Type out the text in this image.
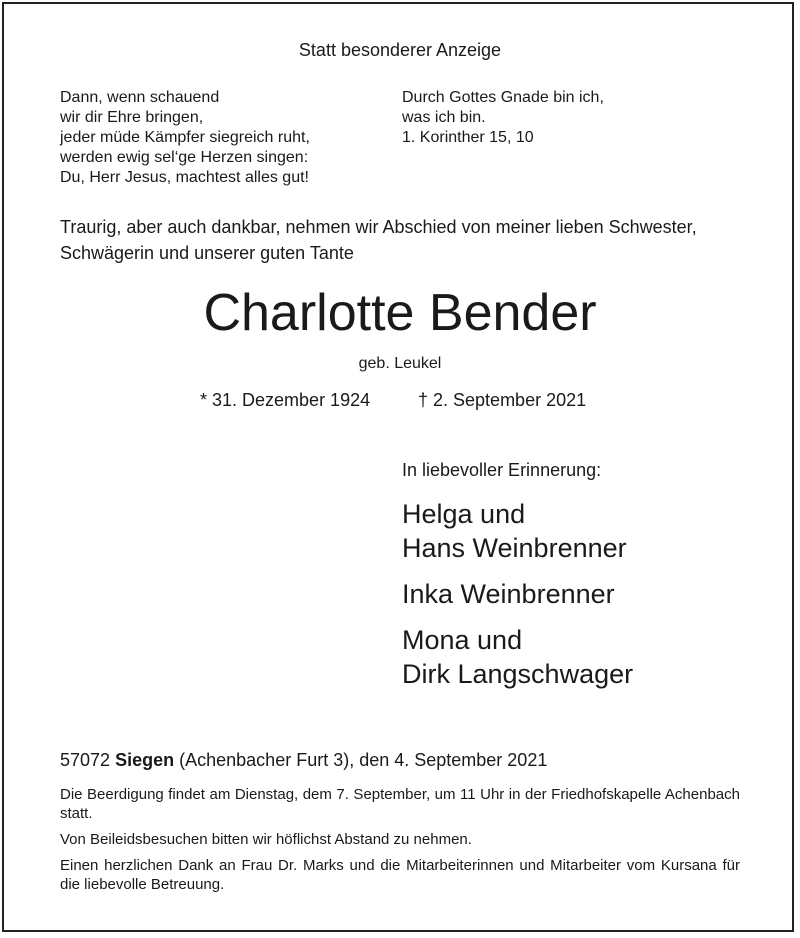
Statt besonderer Anzeige
Dann, wenn schauend
wir dir Ehre bringen,
jeder müde Kämpfer siegreich ruht,
werden ewig sel‘ge Herzen singen:
Du, Herr Jesus, machtest alles gut!
Durch Gottes Gnade bin ich,
was ich bin.
1. Korinther 15, 10
Traurig, aber auch dankbar, nehmen wir Abschied von meiner lieben Schwester,
Schwägerin und unserer guten Tante
Charlotte Bender
geb. Leukel
* 31. Dezember 1924	† 2. September 2021
In liebevoller Erinnerung:
Helga und
Hans Weinbrenner
Inka Weinbrenner
Mona und
Dirk Langschwager
57072 Siegen (Achenbacher Furt 3), den 4. September 2021
Die Beerdigung findet am Dienstag, dem 7. September, um 11 Uhr in der Friedhofskapelle Achenbach statt.
Von Beileidsbesuchen bitten wir höflichst Abstand zu nehmen.
Einen herzlichen Dank an Frau Dr. Marks und die Mitarbeiterinnen und Mitarbeiter vom Kursana für die liebevolle Betreuung.
